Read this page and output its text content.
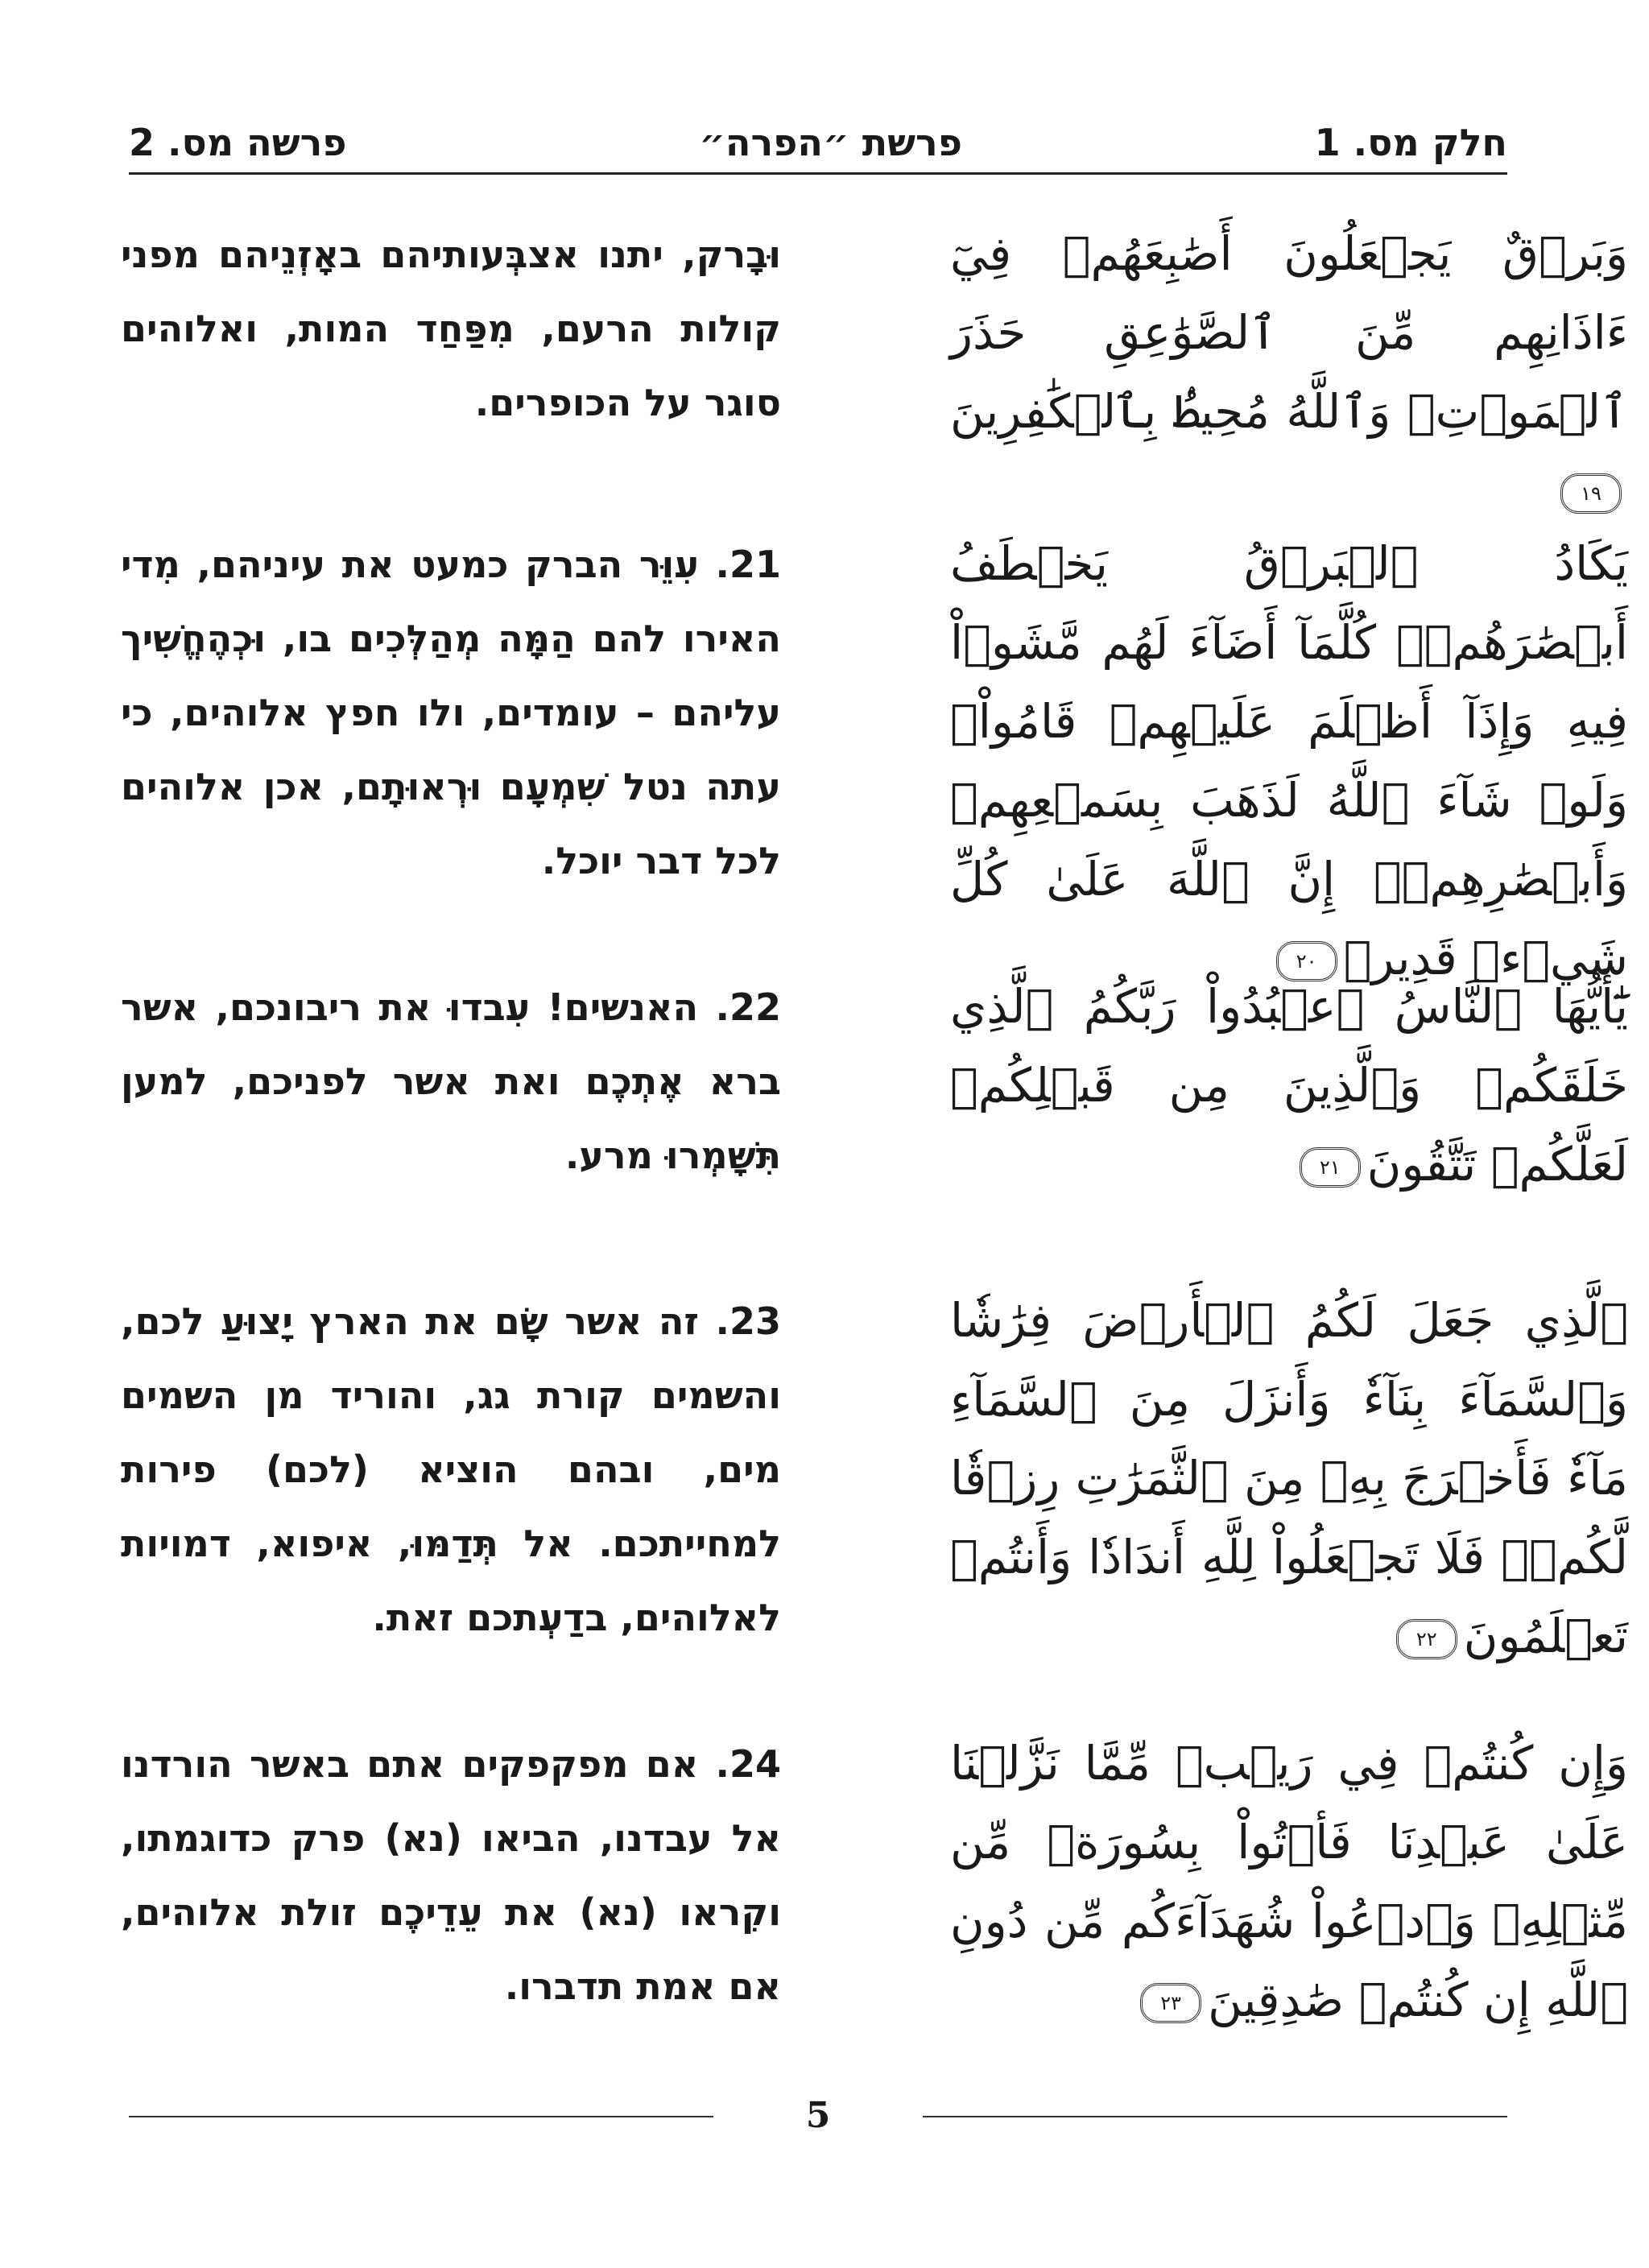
חלק מס. 1
פרשת ״הפרה״
פרשה מס. 2
وَبَرۡقٌ يَجۡعَلُونَ أَصَٰبِعَهُمۡ فِيٓ ءَاذَانِهِم مِّنَ ٱلصَّوَٰعِقِ حَذَرَ ٱلۡمَوۡتِۚ وَٱللَّهُ مُحِيطُۢ بِٱلۡكَٰفِرِينَ١٩
וּבָרק, יתנו אצבְּעותיהם באָזְנֵיהם מפני קולות הרעם, מִפַּחַד המות, ואלוהים סוגר על הכופרים.
يَكَادُ ٱلۡبَرۡقُ يَخۡطَفُ أَبۡصَٰرَهُمۡۖ كُلَّمَآ أَضَآءَ لَهُم مَّشَوۡاْ فِيهِ وَإِذَآ أَظۡلَمَ عَلَيۡهِمۡ قَامُواْۚ وَلَوۡ شَآءَ ٱللَّهُ لَذَهَبَ بِسَمۡعِهِمۡ وَأَبۡصَٰرِهِمۡۚ إِنَّ ٱللَّهَ عَلَىٰ كُلِّ شَيۡءٖ قَدِيرٞ٢٠
21. עִוֵּר הברק כמעט את עיניהם, מִדי האירו להם הַמָּה מְהַלְּכִים בו, וּכְהֶחֱשִׁיך עליהם – עומדים, ולו חפץ אלוהים, כי עתה נטל שִׁמְעָם וּרְאוּתָם, אכן אלוהים לכל דבר יוכל.
يَٰٓأَيُّهَا ٱلنَّاسُ ٱعۡبُدُواْ رَبَّكُمُ ٱلَّذِي خَلَقَكُمۡ وَٱلَّذِينَ مِن قَبۡلِكُمۡ لَعَلَّكُمۡ تَتَّقُونَ٢١
22. האנשים! עִבדוּ את ריבונכם, אשר ברא אֶתְכֶם ואת אשר לפניכם, למען תִּשָּׁמְרוּ מרע.
ٱلَّذِي جَعَلَ لَكُمُ ٱلۡأَرۡضَ فِرَٰشٗا وَٱلسَّمَآءَ بِنَآءٗ وَأَنزَلَ مِنَ ٱلسَّمَآءِ مَآءٗ فَأَخۡرَجَ بِهِۦ مِنَ ٱلثَّمَرَٰتِ رِزۡقٗا لَّكُمۡۖ فَلَا تَجۡعَلُواْ لِلَّهِ أَندَادٗا وَأَنتُمۡ تَعۡلَمُونَ٢٢
23. זה אשר שָׂם את הארץ יָצוּעַ לכם, והשמים קורת גג, והוריד מן השמים מים, ובהם הוציא (לכם) פירות למחייתכם. אל תְּדַמּוּ, איפוא, דמויות לאלוהים, בדַעְתכם זאת.
وَإِن كُنتُمۡ فِي رَيۡبٖ مِّمَّا نَزَّلۡنَا عَلَىٰ عَبۡدِنَا فَأۡتُواْ بِسُورَةٖ مِّن مِّثۡلِهِۦ وَٱدۡعُواْ شُهَدَآءَكُم مِّن دُونِ ٱللَّهِ إِن كُنتُمۡ صَٰدِقِينَ٢٣
24. אם מפקפקים אתם באשר הורדנו אל עבדנו, הביאו (נא) פרק כדוגמתו, וקִראו (נא) את עֵדֵיכֶם זולת אלוהים, אם אמת תדברו.
5
